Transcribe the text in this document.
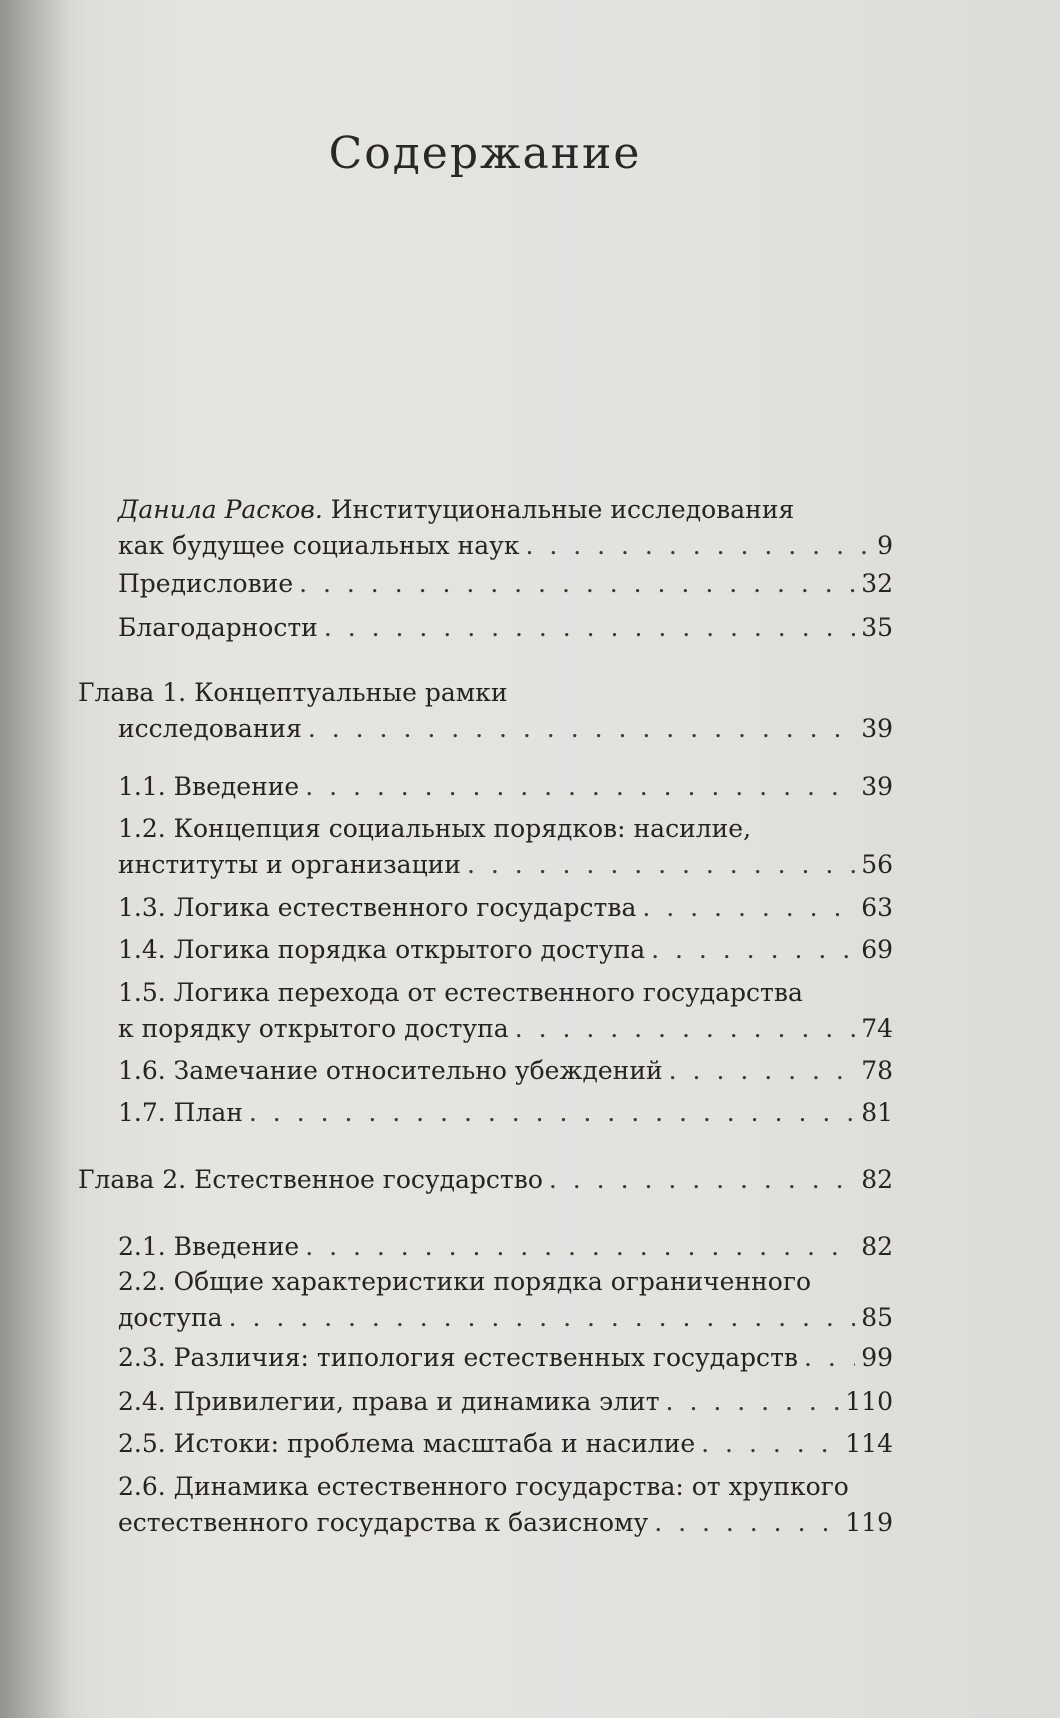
Содержание
Данила Расков. Институциональные исследования
как будущее социальных наук . . .	9
Предисловие . . .	32
Благодарности . . .	35
Глава 1. Концептуальные рамки
исследования . . .	39
1.1. Введение . . .	39
1.2. Концепция социальных порядков: насилие,
институты и организации . . .	56
1.3. Логика естественного государства . . .	63
1.4. Логика порядка открытого доступа . . .	69
1.5. Логика перехода от естественного государства
к порядку открытого доступа . . .	74
1.6. Замечание относительно убеждений . . .	78
1.7. План . . .	81
Глава 2. Естественное государство . . .	82
2.1. Введение . . .	82
2.2. Общие характеристики порядка ограниченного
доступа . . .	85
2.3. Различия: типология естественных государств . . .	99
2.4. Привилегии, права и динамика элит . . .	110
2.5. Истоки: проблема масштаба и насилие . . .	114
2.6. Динамика естественного государства: от хрупкого
естественного государства к базисному . . .	119
